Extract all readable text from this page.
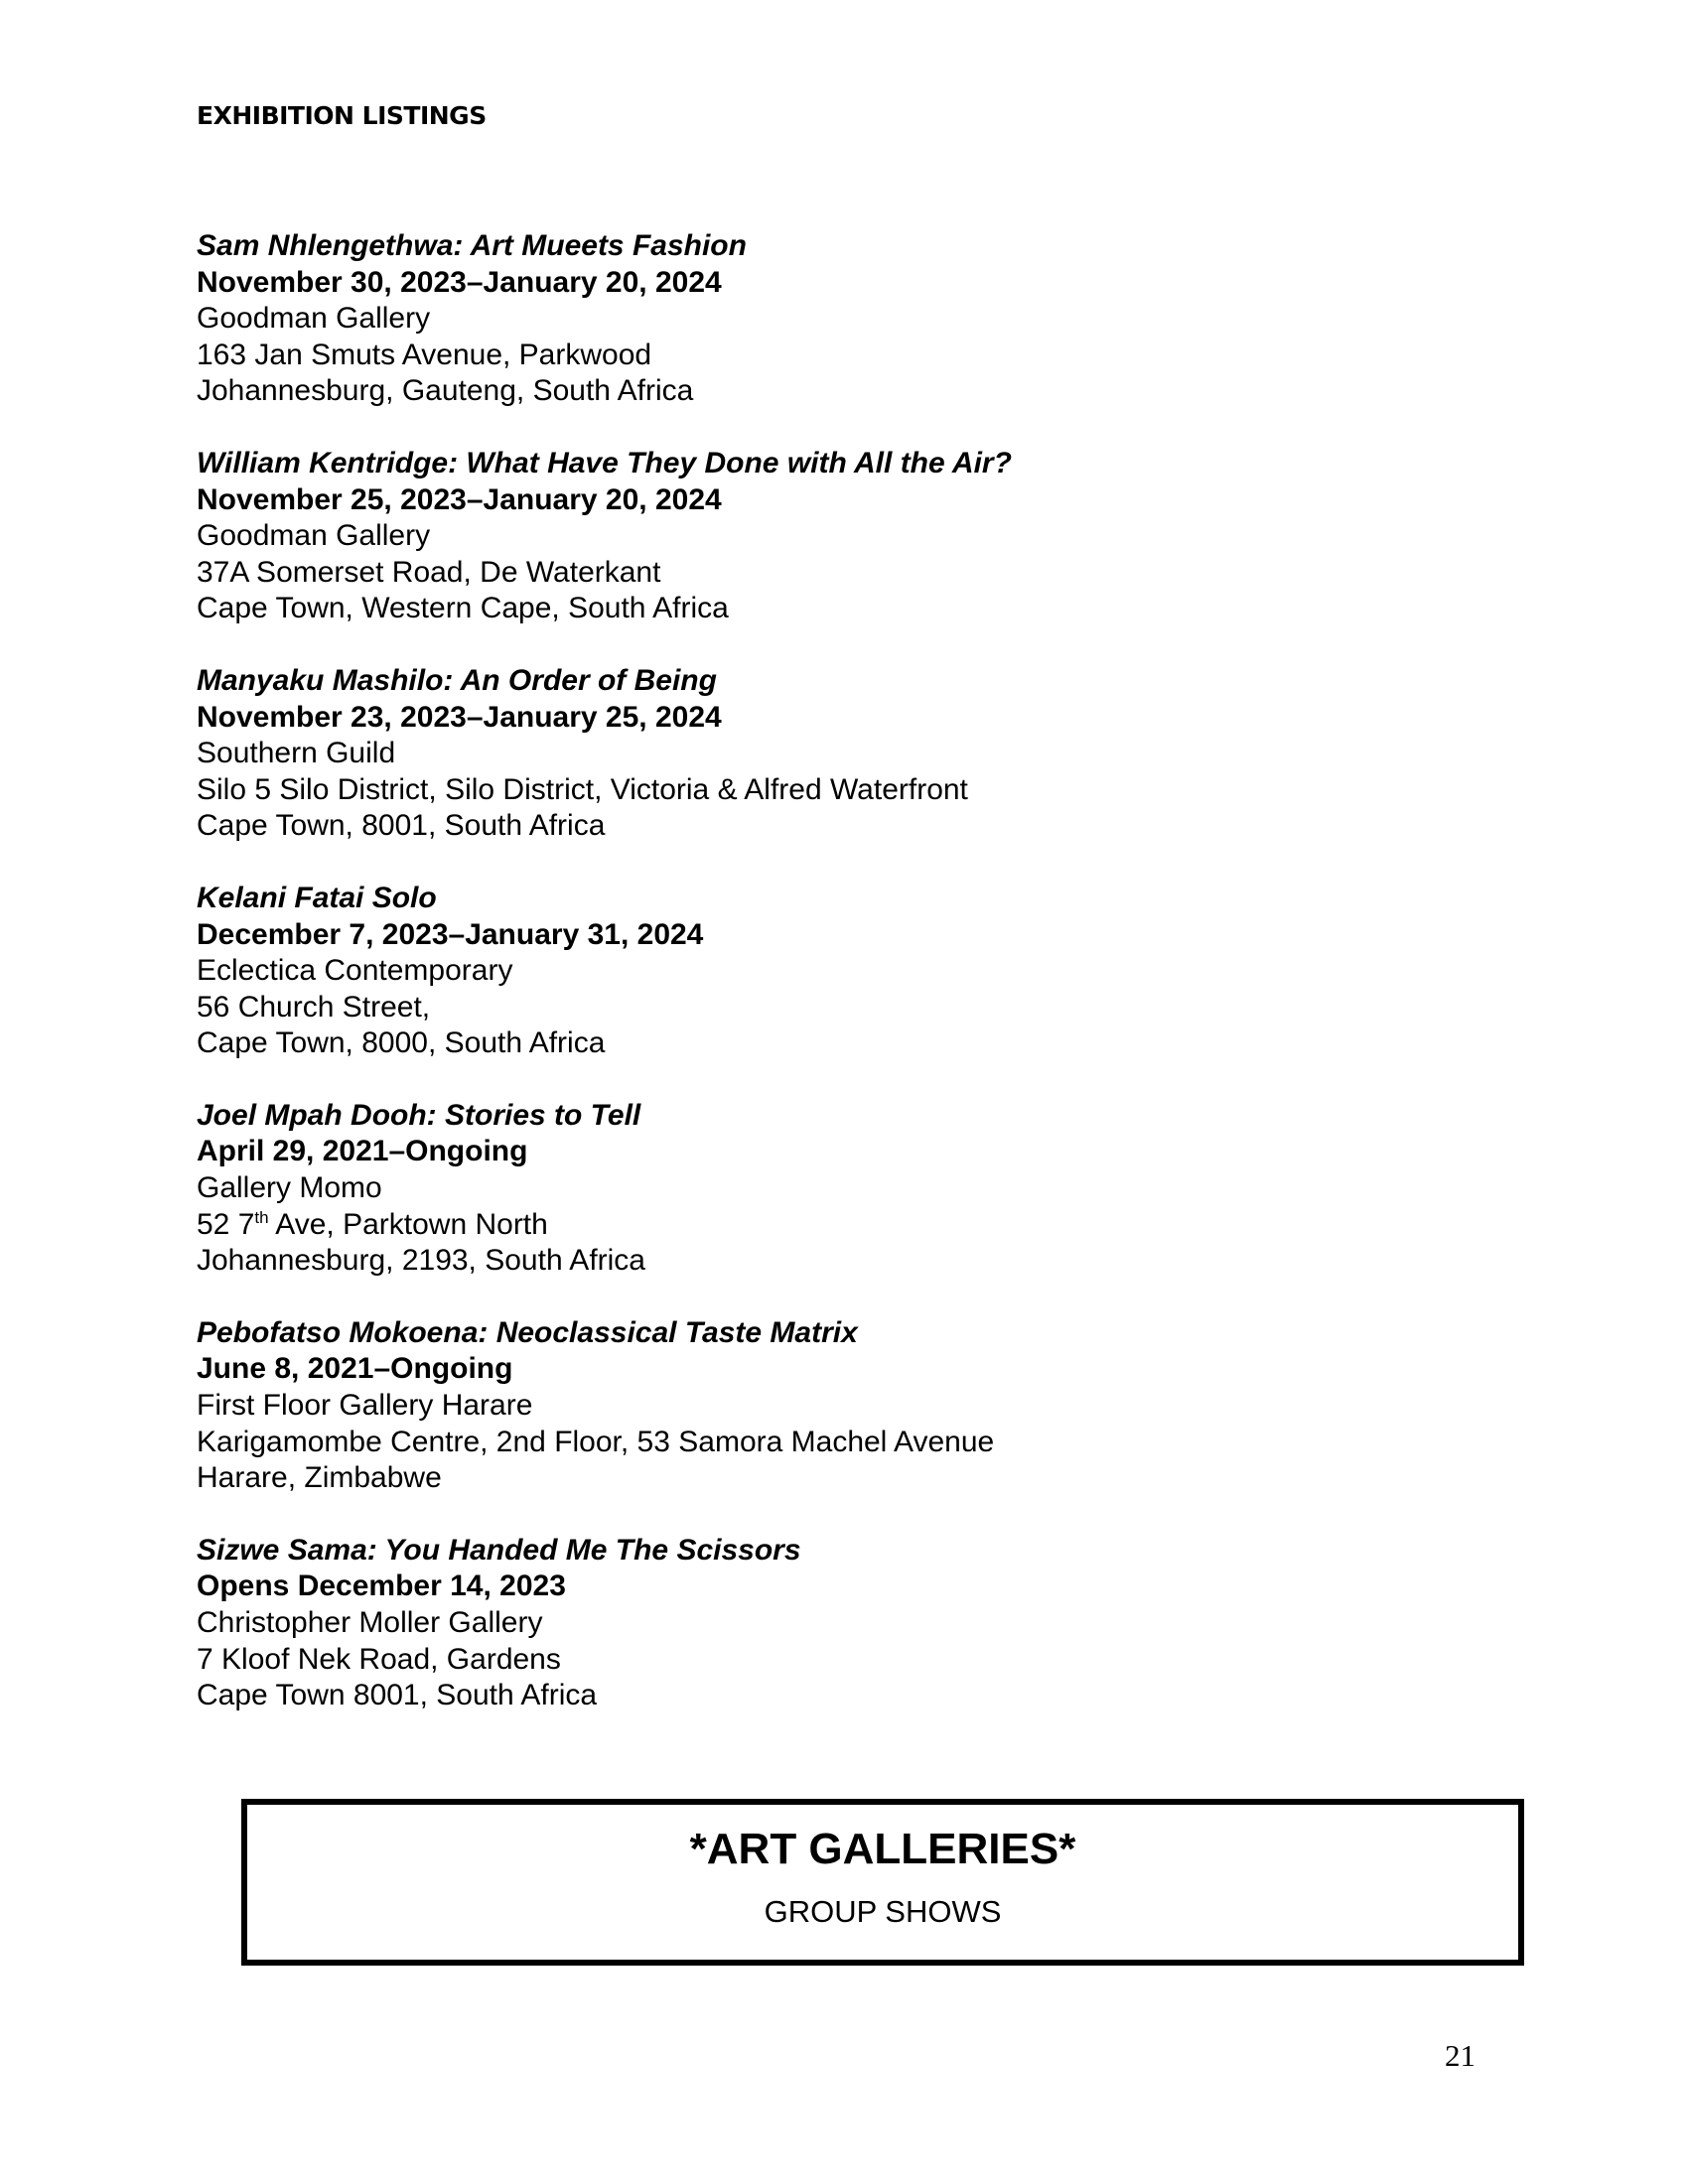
EXHIBITION LISTINGS
Sam Nhlengethwa: Art Mueets Fashion
November 30, 2023–January 20, 2024
Goodman Gallery
163 Jan Smuts Avenue, Parkwood
Johannesburg, Gauteng, South Africa
William Kentridge: What Have They Done with All the Air?
November 25, 2023–January 20, 2024
Goodman Gallery
37A Somerset Road, De Waterkant
Cape Town, Western Cape, South Africa
Manyaku Mashilo: An Order of Being
November 23, 2023–January 25, 2024
Southern Guild
Silo 5 Silo District, Silo District, Victoria & Alfred Waterfront
Cape Town, 8001, South Africa
Kelani Fatai Solo
December 7, 2023–January 31, 2024
Eclectica Contemporary
56 Church Street,
Cape Town, 8000, South Africa
Joel Mpah Dooh: Stories to Tell
April 29, 2021–Ongoing
Gallery Momo
52 7th Ave, Parktown North
Johannesburg, 2193, South Africa
Pebofatso Mokoena: Neoclassical Taste Matrix
June 8, 2021–Ongoing
First Floor Gallery Harare
Karigamombe Centre, 2nd Floor, 53 Samora Machel Avenue
Harare, Zimbabwe
Sizwe Sama: You Handed Me The Scissors
Opens December 14, 2023
Christopher Moller Gallery
7 Kloof Nek Road, Gardens
Cape Town 8001, South Africa
*ART GALLERIES*
GROUP SHOWS
21
